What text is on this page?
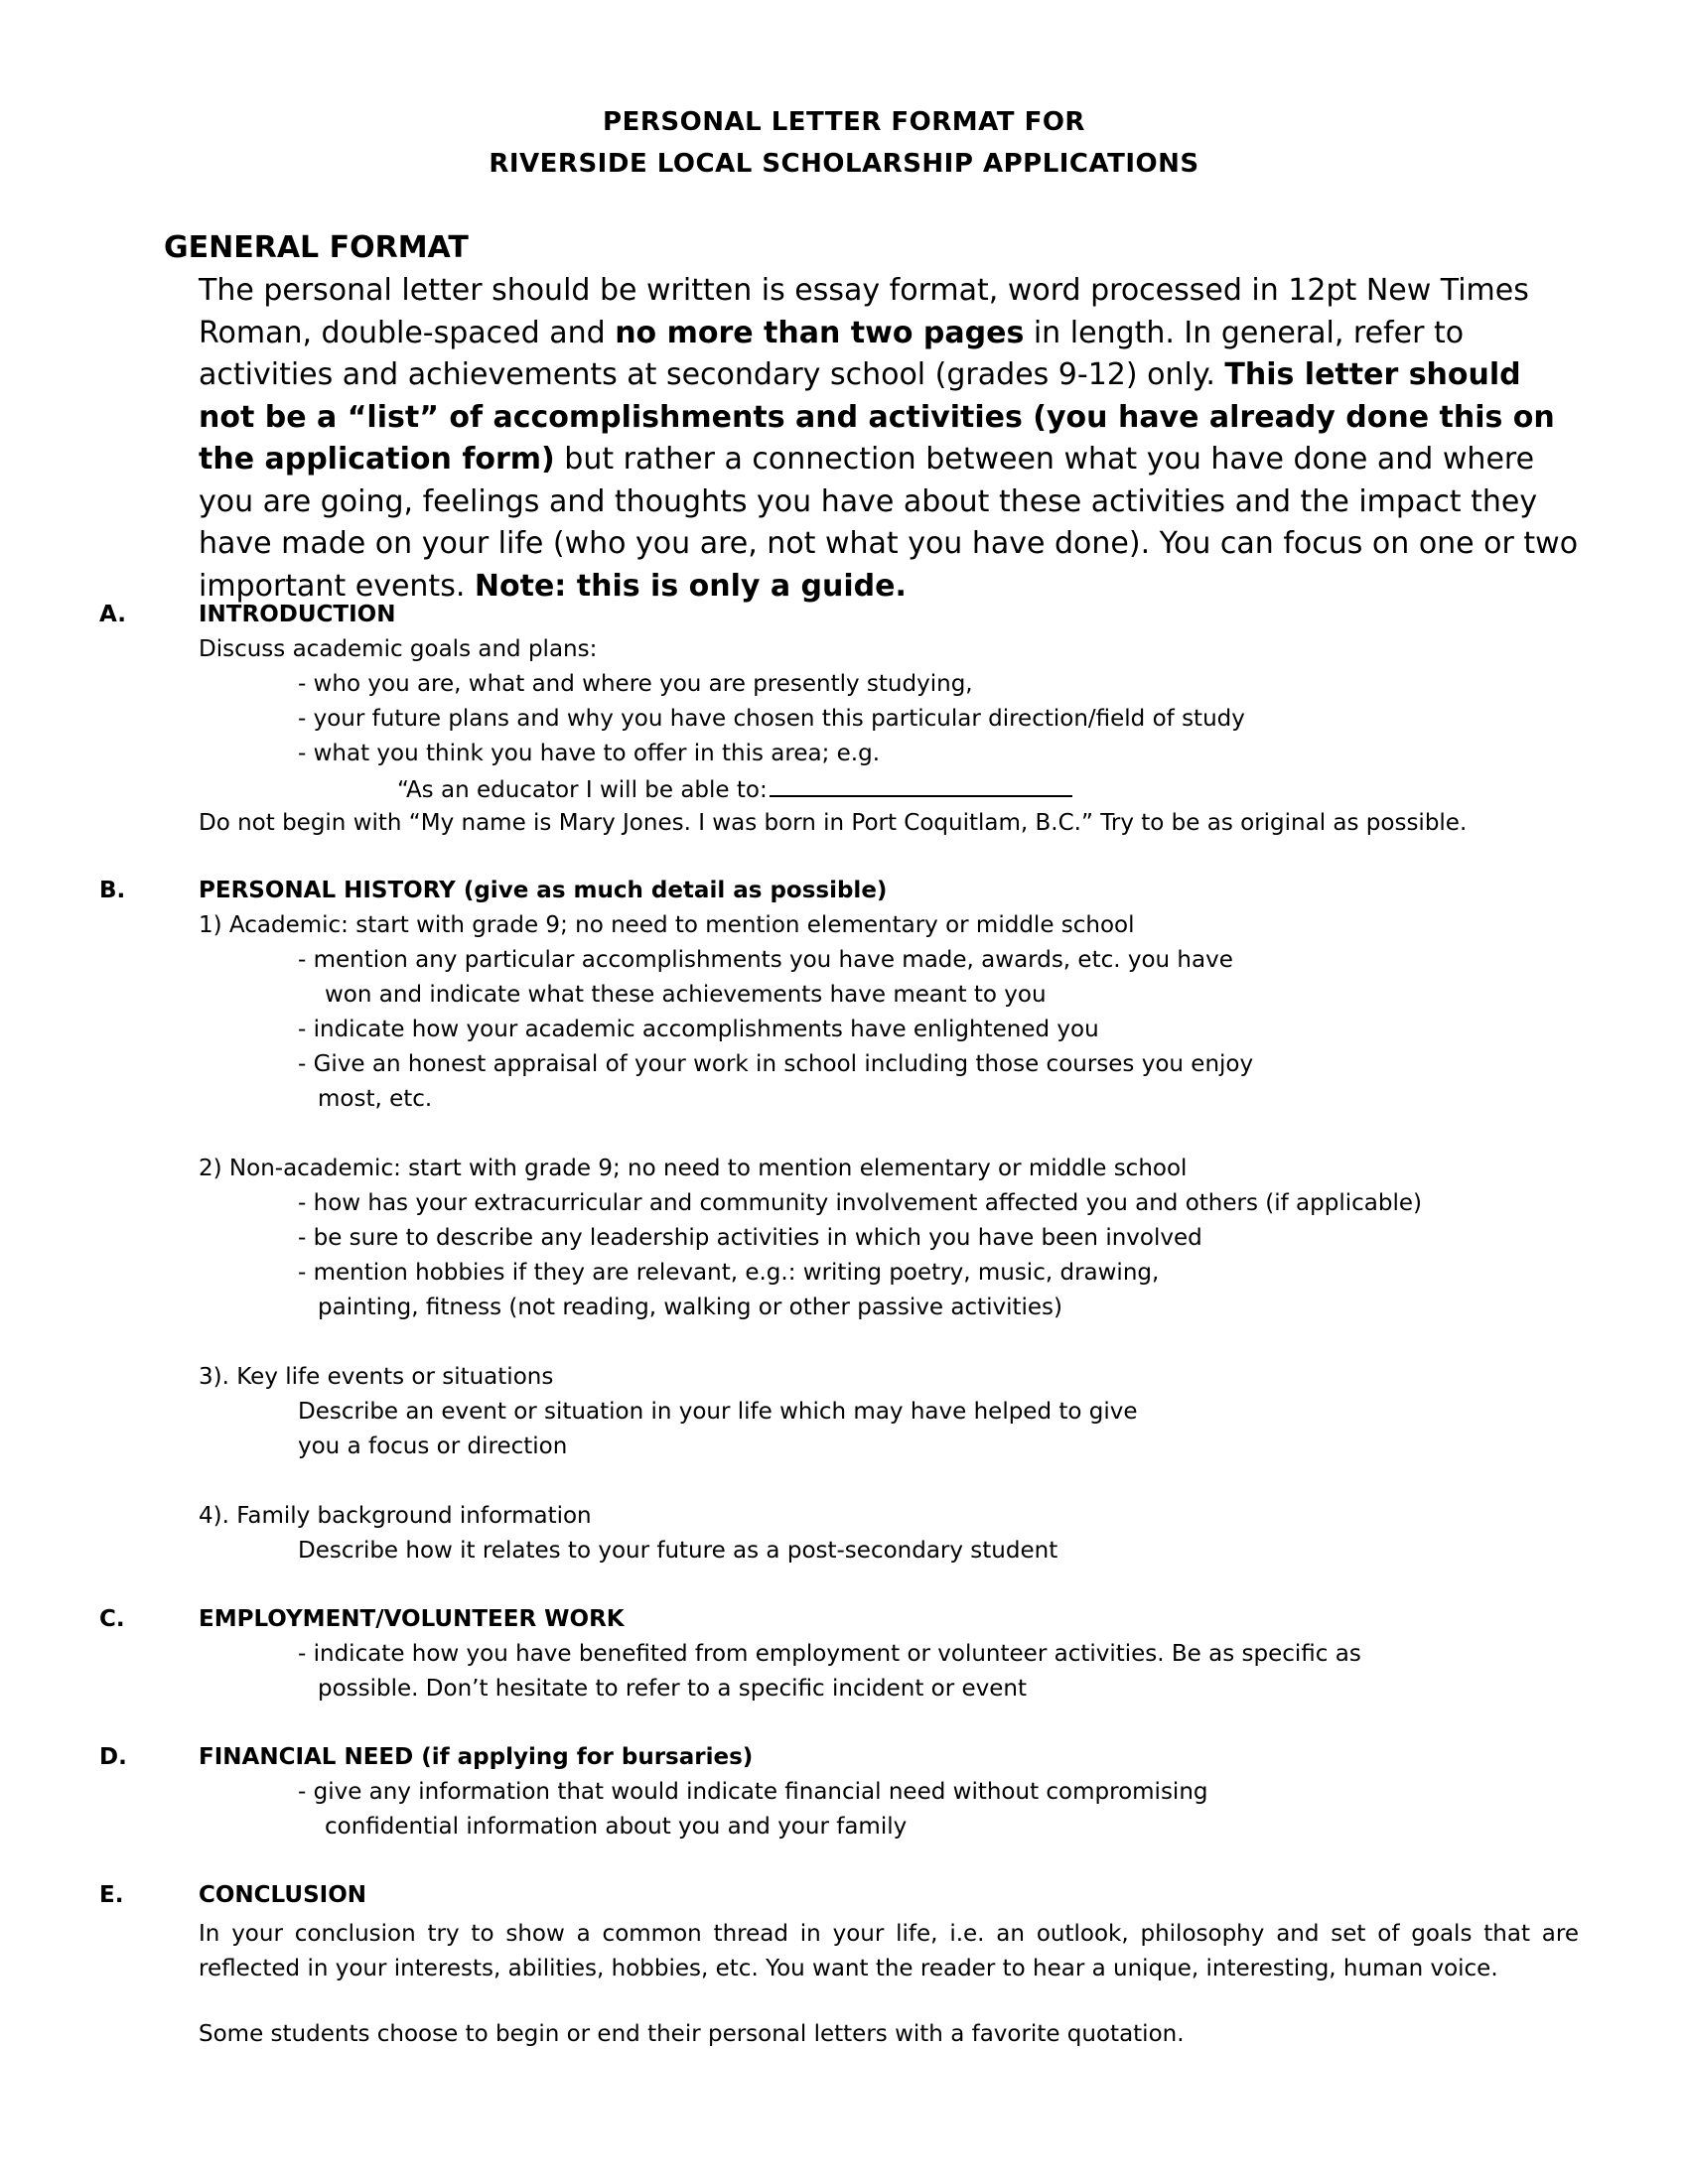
PERSONAL LETTER FORMAT FOR
RIVERSIDE LOCAL SCHOLARSHIP APPLICATIONS
GENERAL FORMAT
The personal letter should be written is essay format, word processed in 12pt New Times Roman, double-spaced and no more than two pages in length. In general, refer to activities and achievements at secondary school (grades 9-12) only. This letter should not be a “list” of accomplishments and activities (you have already done this on the application form) but rather a connection between what you have done and where you are going, feelings and thoughts you have about these activities and the impact they have made on your life (who you are, not what you have done). You can focus on one or two important events. Note: this is only a guide.
A.	INTRODUCTION
Discuss academic goals and plans:
- who you are, what and where you are presently studying,
- your future plans and why you have chosen this particular direction/field of study
- what you think you have to offer in this area; e.g.
“As an educator I will be able to:
Do not begin with “My name is Mary Jones. I was born in Port Coquitlam, B.C.” Try to be as original as possible.
B.	PERSONAL HISTORY (give as much detail as possible)
1) Academic: start with grade 9; no need to mention elementary or middle school
- mention any particular accomplishments you have made, awards, etc. you have
won and indicate what these achievements have meant to you
- indicate how your academic accomplishments have enlightened you
- Give an honest appraisal of your work in school including those courses you enjoy
most, etc.
2) Non-academic: start with grade 9; no need to mention elementary or middle school
- how has your extracurricular and community involvement affected you and others (if applicable)
- be sure to describe any leadership activities in which you have been involved
- mention hobbies if they are relevant, e.g.: writing poetry, music, drawing,
painting, fitness (not reading, walking or other passive activities)
3). Key life events or situations
Describe an event or situation in your life which may have helped to give
you a focus or direction
4). Family background information
Describe how it relates to your future as a post-secondary student
C.	EMPLOYMENT/VOLUNTEER WORK
- indicate how you have benefited from employment or volunteer activities. Be as specific as
possible. Don’t hesitate to refer to a specific incident or event
D.	FINANCIAL NEED (if applying for bursaries)
- give any information that would indicate financial need without compromising
confidential information about you and your family
E.	CONCLUSION
In your conclusion try to show a common thread in your life, i.e. an outlook, philosophy and set of goals that are reflected in your interests, abilities, hobbies, etc. You want the reader to hear a unique, interesting, human voice.
Some students choose to begin or end their personal letters with a favorite quotation.
